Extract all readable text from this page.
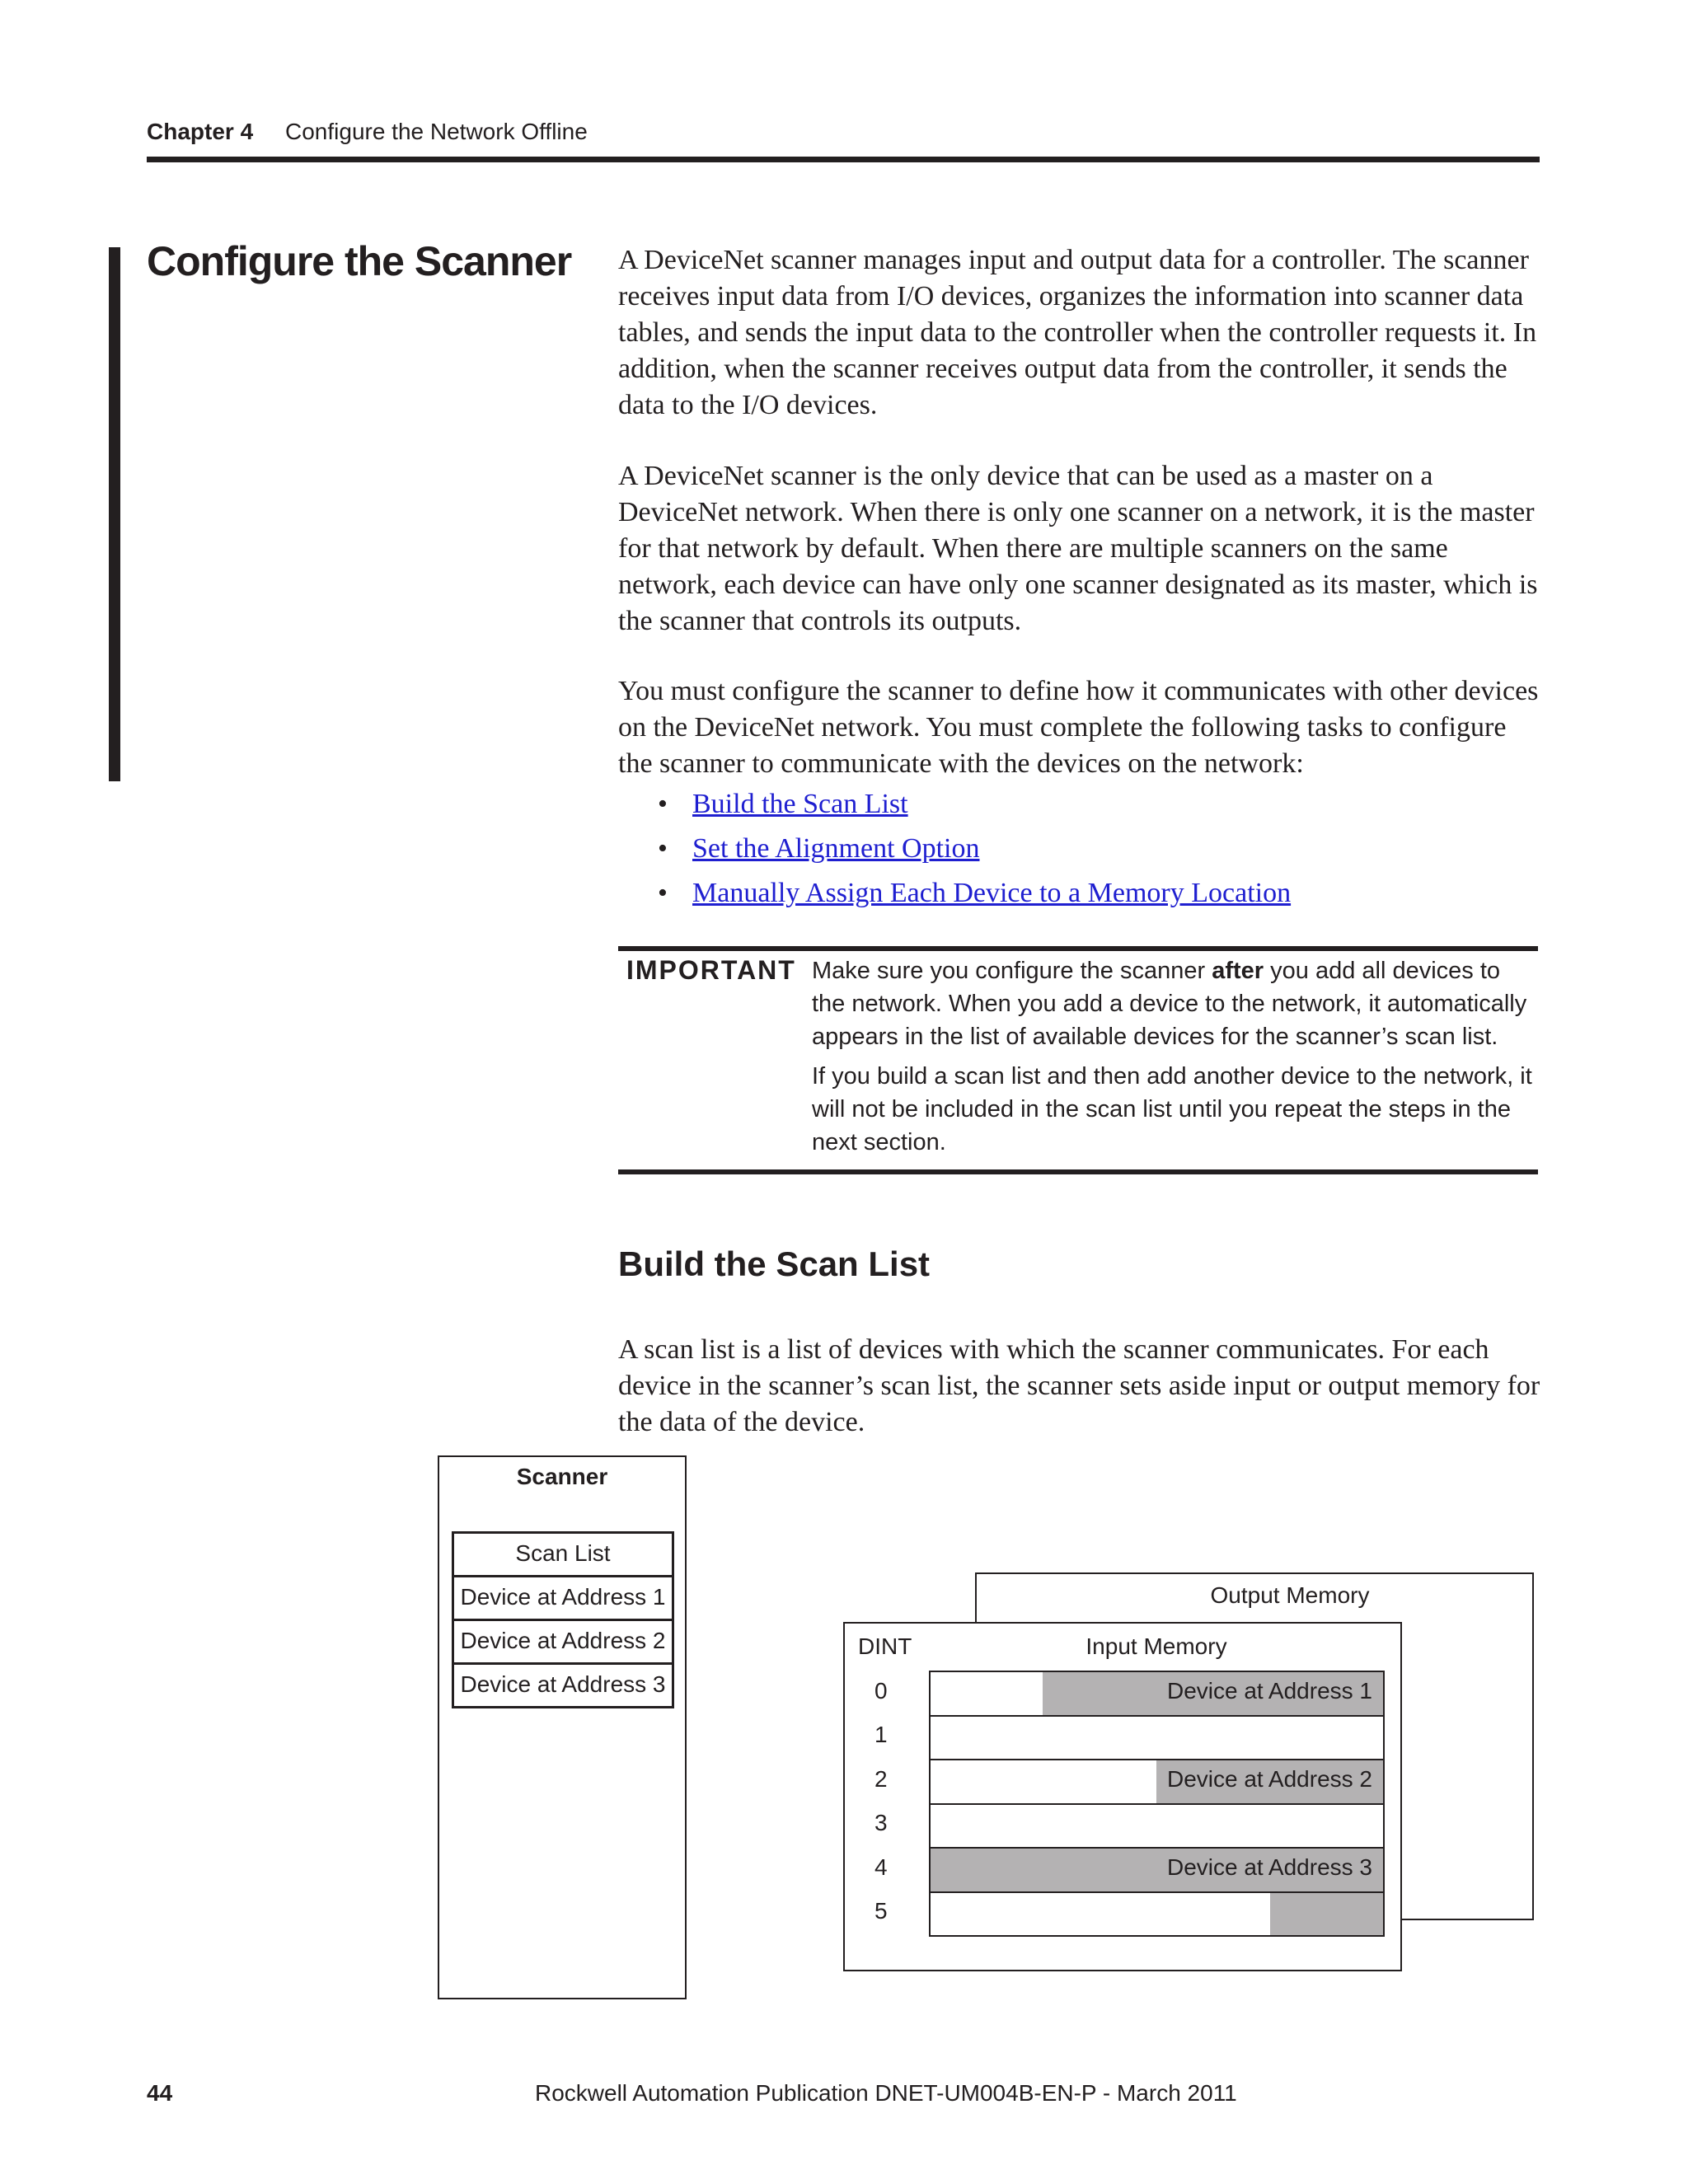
Chapter 4 Configure the Network Offline
Configure the Scanner A DeviceNet scanner manages input and output data for a controller. The scanner receives input data from I/O devices, organizes the information into scanner data tables, and sends the input data to the controller when the controller requests it. In addition, when the scanner receives output data from the controller, it sends the data to the I/O devices.

A DeviceNet scanner is the only device that can be used as a master on a DeviceNet network. When there is only one scanner on a network, it is the master for that network by default. When there are multiple scanners on the same network, each device can have only one scanner designated as its master, which is the scanner that controls its outputs.

You must configure the scanner to define how it communicates with other devices on the DeviceNet network. You must complete the following tasks to configure the scanner to communicate with the devices on the network:

• Build the Scan List
• Set the Alignment Option
• Manually Assign Each Device to a Memory Location
IMPORTANT Make sure you configure the scanner after you add all devices to the network. When you add a device to the network, it automatically appears in the list of available devices for the scanner’s scan list.

If you build a scan list and then add another device to the network, it will not be included in the scan list until you repeat the steps in the next section.

Build the Scan List

A scan list is a list of devices with which the scanner communicates. For each device in the scanner’s scan list, the scanner sets aside input or output memory for the data of the device.

Scanner
Scan List
Device at Address 1
Device at Address 2
Device at Address 3
Output Memory
DINT	Input Memory
0
1
2
3
4
5
Device at Address 1
Device at Address 2
Device at Address 3
44	Rockwell Automation Publication DNET-UM004B-EN-P - March 2011
